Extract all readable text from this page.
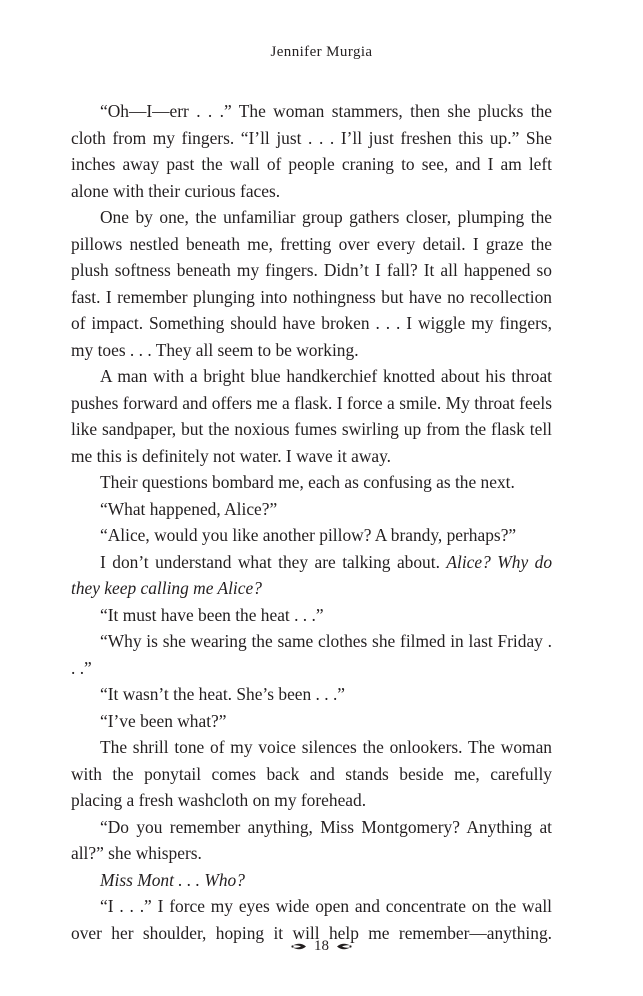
Jennifer Murgia

“Oh—I—err . . .” The woman stammers, then she plucks the cloth from my fingers. “I’ll just . . . I’ll just freshen this up.” She inches away past the wall of people craning to see, and I am left alone with their curious faces.

One by one, the unfamiliar group gathers closer, plumping the pillows nestled beneath me, fretting over every detail. I graze the plush softness beneath my fingers. Didn’t I fall? It all happened so fast. I remember plunging into nothingness but have no recollection of impact. Something should have broken . . . I wiggle my fingers, my toes . . . They all seem to be working.

A man with a bright blue handkerchief knotted about his throat pushes forward and offers me a flask. I force a smile. My throat feels like sandpaper, but the noxious fumes swirling up from the flask tell me this is definitely not water. I wave it away.

Their questions bombard me, each as confusing as the next.

“What happened, Alice?”

“Alice, would you like another pillow? A brandy, perhaps?”

I don’t understand what they are talking about. Alice? Why do they keep calling me Alice?

“It must have been the heat . . .”

“Why is she wearing the same clothes she filmed in last Friday . . .”

“It wasn’t the heat. She’s been . . .”

“I’ve been what?”

The shrill tone of my voice silences the onlookers. The woman with the ponytail comes back and stands beside me, carefully placing a fresh washcloth on my forehead.

“Do you remember anything, Miss Montgomery? Anything at all?” she whispers.

Miss Mont . . . Who?

“I . . .” I force my eyes wide open and concentrate on the wall over her shoulder, hoping it will help me remember—anything.

18
